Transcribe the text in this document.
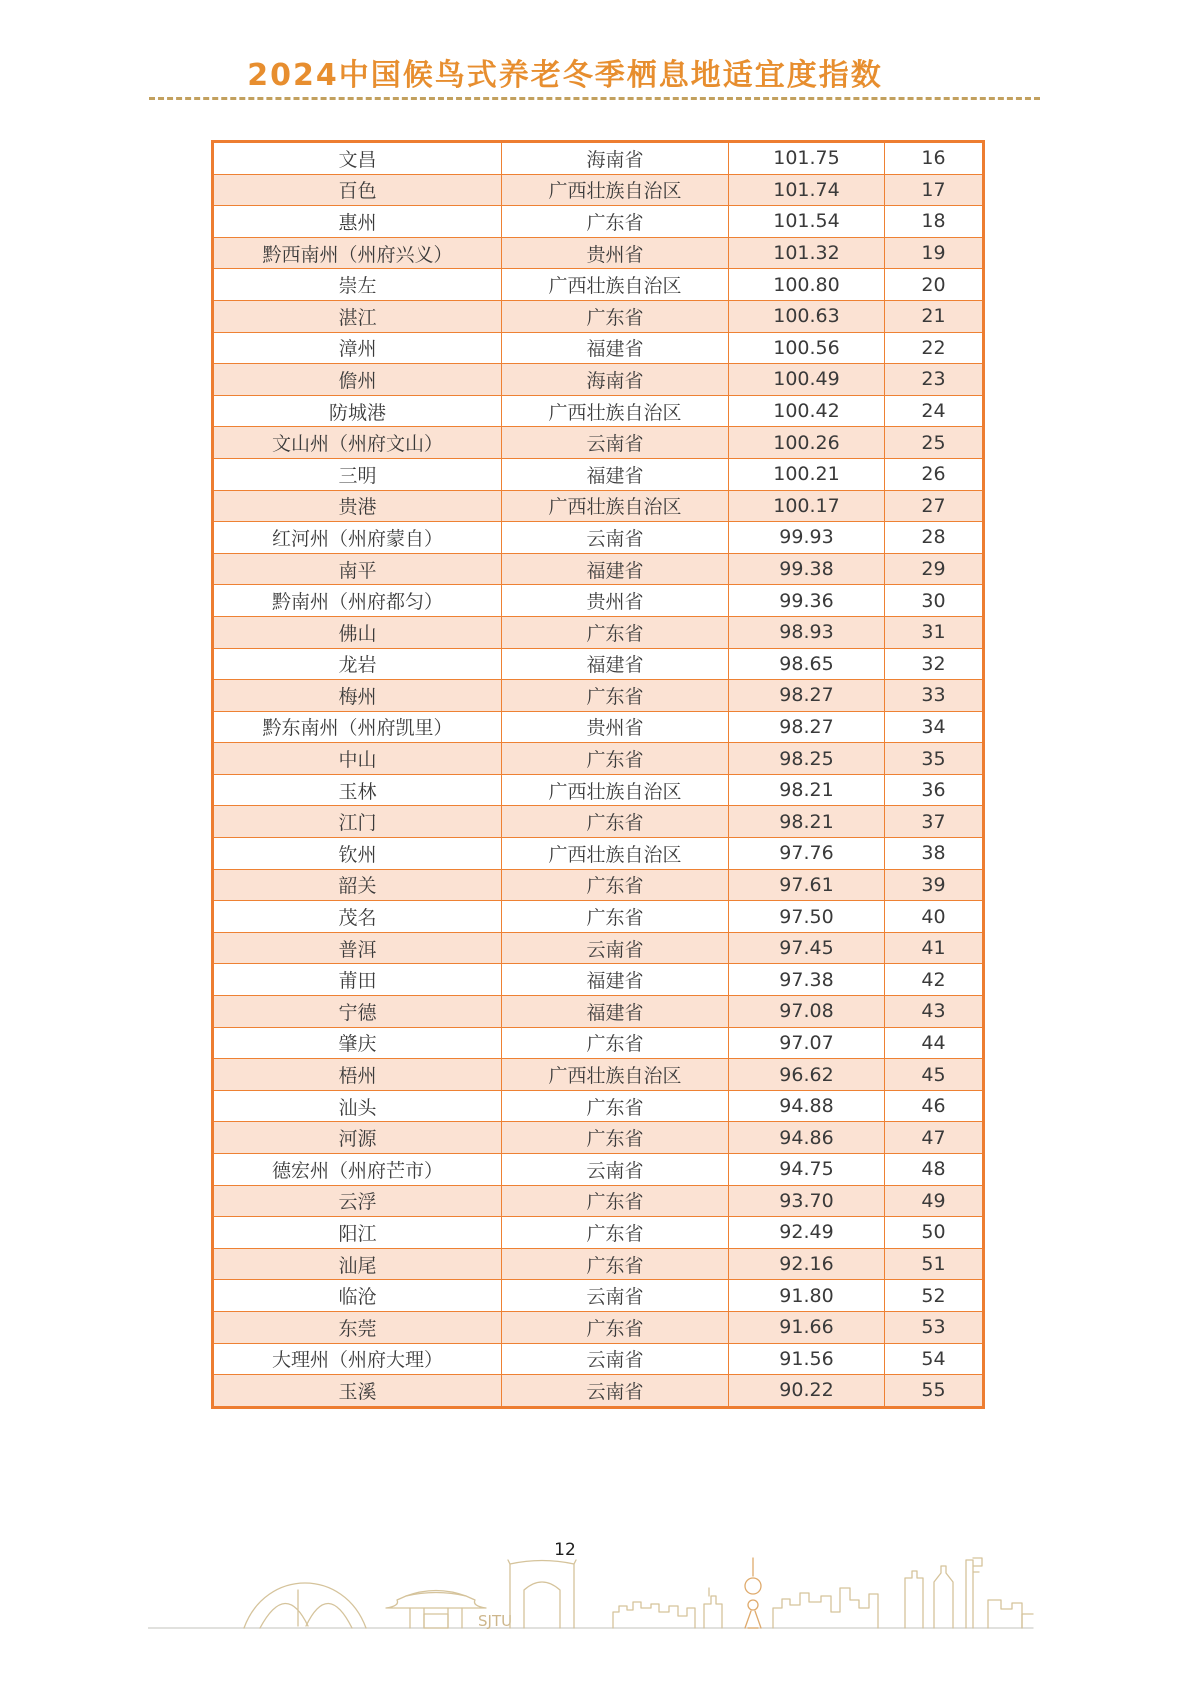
2024中国候鸟式养老冬季栖息地适宜度指数
文昌	海南省	101.75	16
百色	广西壮族自治区	101.74	17
惠州	广东省	101.54	18
黔西南州（州府兴义）	贵州省	101.32	19
崇左	广西壮族自治区	100.80	20
湛江	广东省	100.63	21
漳州	福建省	100.56	22
儋州	海南省	100.49	23
防城港	广西壮族自治区	100.42	24
文山州（州府文山）	云南省	100.26	25
三明	福建省	100.21	26
贵港	广西壮族自治区	100.17	27
红河州（州府蒙自）	云南省	99.93	28
南平	福建省	99.38	29
黔南州（州府都匀）	贵州省	99.36	30
佛山	广东省	98.93	31
龙岩	福建省	98.65	32
梅州	广东省	98.27	33
黔东南州（州府凯里）	贵州省	98.27	34
中山	广东省	98.25	35
玉林	广西壮族自治区	98.21	36
江门	广东省	98.21	37
钦州	广西壮族自治区	97.76	38
韶关	广东省	97.61	39
茂名	广东省	97.50	40
普洱	云南省	97.45	41
莆田	福建省	97.38	42
宁德	福建省	97.08	43
肇庆	广东省	97.07	44
梧州	广西壮族自治区	96.62	45
汕头	广东省	94.88	46
河源	广东省	94.86	47
德宏州（州府芒市）	云南省	94.75	48
云浮	广东省	93.70	49
阳江	广东省	92.49	50
汕尾	广东省	92.16	51
临沧	云南省	91.80	52
东莞	广东省	91.66	53
大理州（州府大理）	云南省	91.56	54
玉溪	云南省	90.22	55
12
SJTU
